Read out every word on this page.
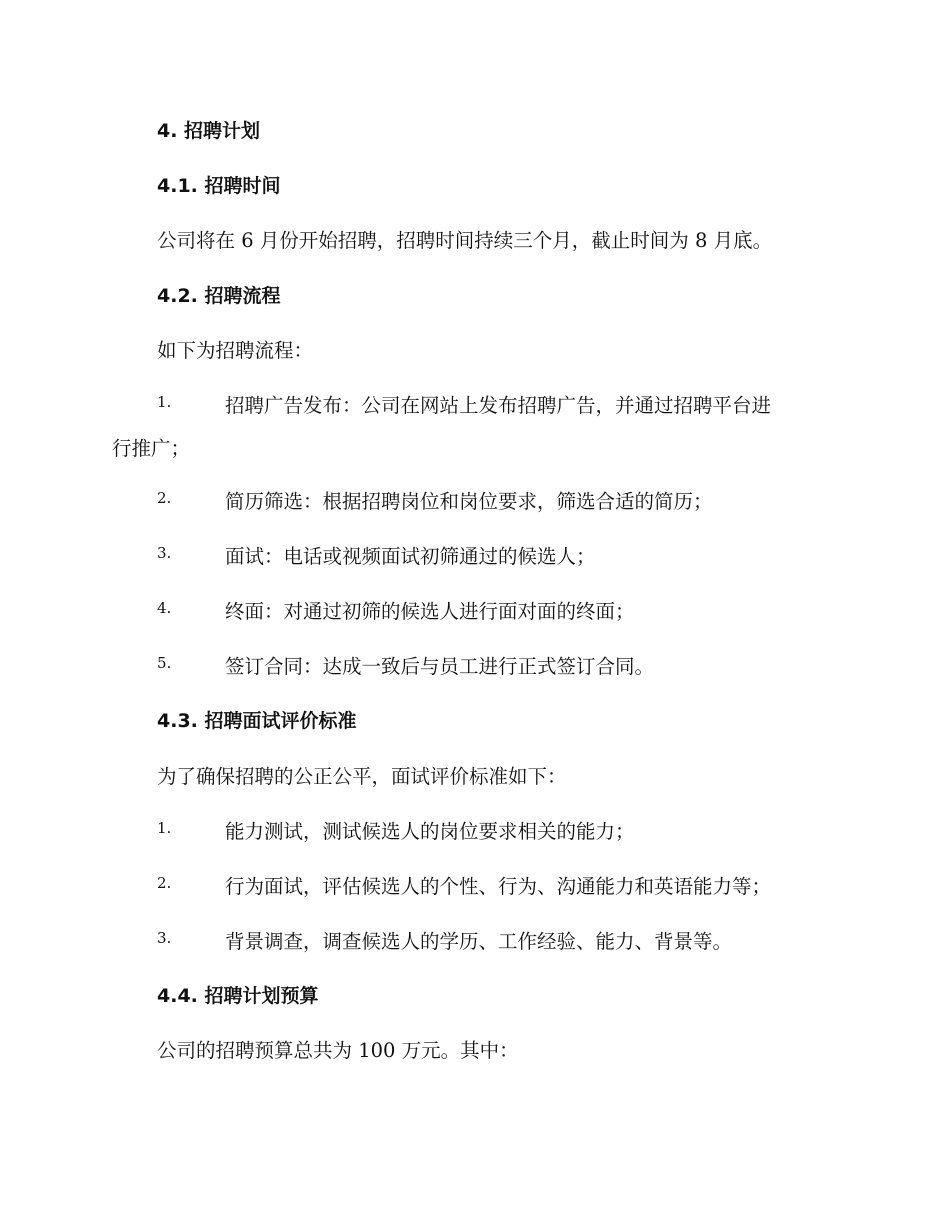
4. 招聘计划
4.1. 招聘时间
公司将在 6 月份开始招聘，招聘时间持续三个月，截止时间为 8 月底。
4.2. 招聘流程
如下为招聘流程：
1.	招聘广告发布：公司在网站上发布招聘广告，并通过招聘平台进
行推广；
2.	简历筛选：根据招聘岗位和岗位要求，筛选合适的简历；
3.	面试：电话或视频面试初筛通过的候选人；
4.	终面：对通过初筛的候选人进行面对面的终面；
5.	签订合同：达成一致后与员工进行正式签订合同。
4.3. 招聘面试评价标准
为了确保招聘的公正公平，面试评价标准如下：
1.	能力测试，测试候选人的岗位要求相关的能力；
2.	行为面试，评估候选人的个性、行为、沟通能力和英语能力等；
3.	背景调查，调查候选人的学历、工作经验、能力、背景等。
4.4. 招聘计划预算
公司的招聘预算总共为 100 万元。其中：
